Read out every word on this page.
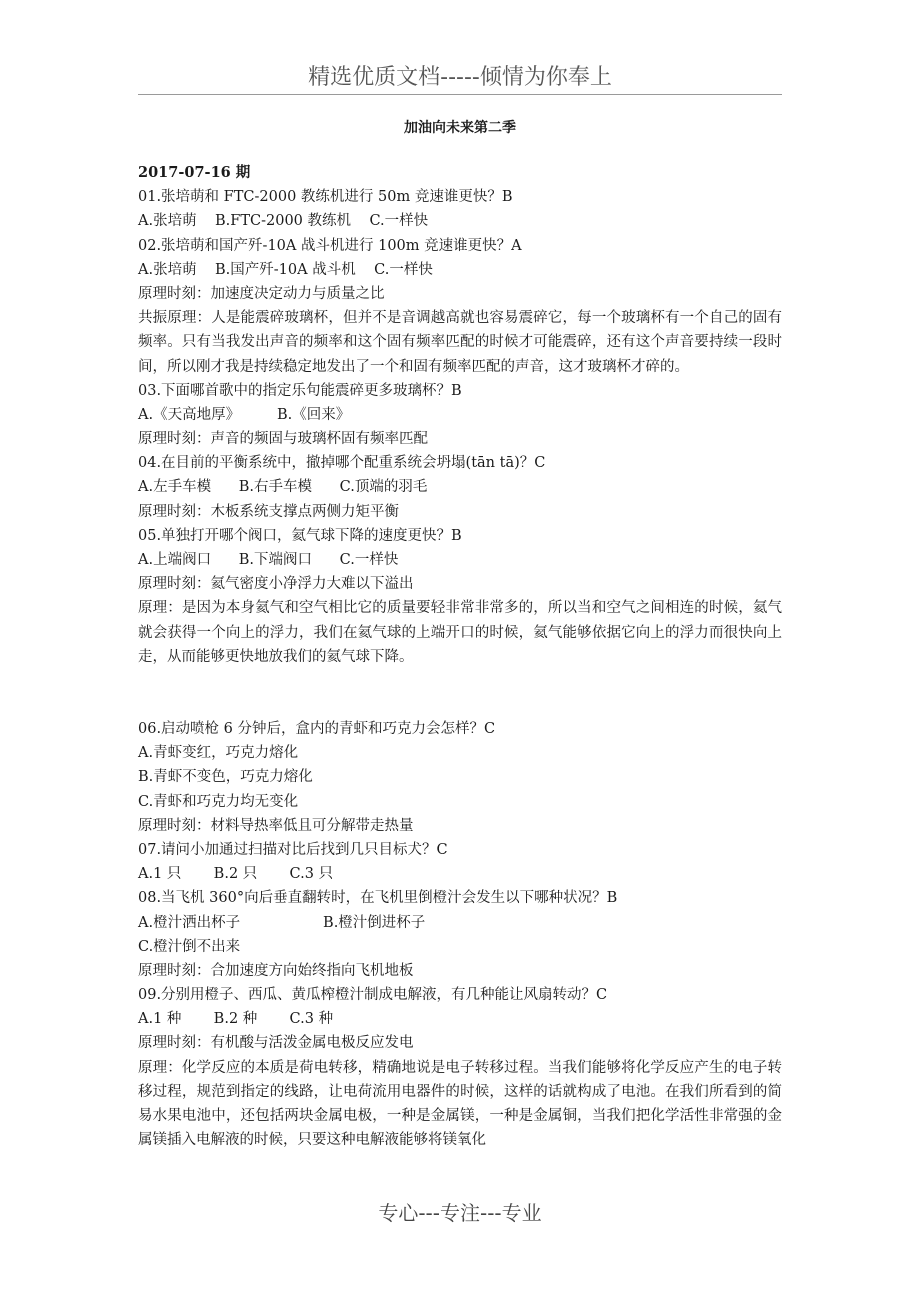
精选优质文档-----倾情为你奉上
加油向未来第二季
2017-07-16 期
01.张培萌和 FTC-2000 教练机进行 50m 竞速谁更快？B
A.张培萌    B.FTC-2000 教练机    C.一样快
02.张培萌和国产歼-10A 战斗机进行 100m 竞速谁更快？A
A.张培萌    B.国产歼-10A 战斗机    C.一样快
原理时刻：加速度决定动力与质量之比
共振原理：人是能震碎玻璃杯，但并不是音调越高就也容易震碎它，每一个玻璃杯有一个自己的固有频率。只有当我发出声音的频率和这个固有频率匹配的时候才可能震碎，还有这个声音要持续一段时间，所以刚才我是持续稳定地发出了一个和固有频率匹配的声音，这才玻璃杯才碎的。
03.下面哪首歌中的指定乐句能震碎更多玻璃杯？B
A.《天高地厚》        B.《回来》
原理时刻：声音的频固与玻璃杯固有频率匹配
04.在目前的平衡系统中，撤掉哪个配重系统会坍塌(tān tā)？C
A.左手车模      B.右手车模      C.顶端的羽毛
原理时刻：木板系统支撑点两侧力矩平衡
05.单独打开哪个阀口，氦气球下降的速度更快？B
A.上端阀口      B.下端阀口      C.一样快
原理时刻：氦气密度小净浮力大难以下溢出
原理：是因为本身氦气和空气相比它的质量要轻非常非常多的，所以当和空气之间相连的时候，氦气就会获得一个向上的浮力，我们在氦气球的上端开口的时候，氦气能够依据它向上的浮力而很快向上走，从而能够更快地放我们的氦气球下降。
06.启动喷枪 6 分钟后，盒内的青虾和巧克力会怎样？C
A.青虾变红，巧克力熔化
B.青虾不变色，巧克力熔化
C.青虾和巧克力均无变化
原理时刻：材料导热率低且可分解带走热量
07.请问小加通过扫描对比后找到几只目标犬？C
A.1 只       B.2 只       C.3 只
08.当飞机 360°向后垂直翻转时，在飞机里倒橙汁会发生以下哪种状况？B
A.橙汁洒出杯子                  B.橙汁倒进杯子
C.橙汁倒不出来
原理时刻：合加速度方向始终指向飞机地板
09.分别用橙子、西瓜、黄瓜榨橙汁制成电解液，有几种能让风扇转动？C
A.1 种       B.2 种       C.3 种
原理时刻：有机酸与活泼金属电极反应发电
原理：化学反应的本质是荷电转移，精确地说是电子转移过程。当我们能够将化学反应产生的电子转移过程，规范到指定的线路，让电荷流用电器件的时候，这样的话就构成了电池。在我们所看到的简易水果电池中，还包括两块金属电极，一种是金属镁，一种是金属铜，当我们把化学活性非常强的金属镁插入电解液的时候，只要这种电解液能够将镁氧化
专心---专注---专业
